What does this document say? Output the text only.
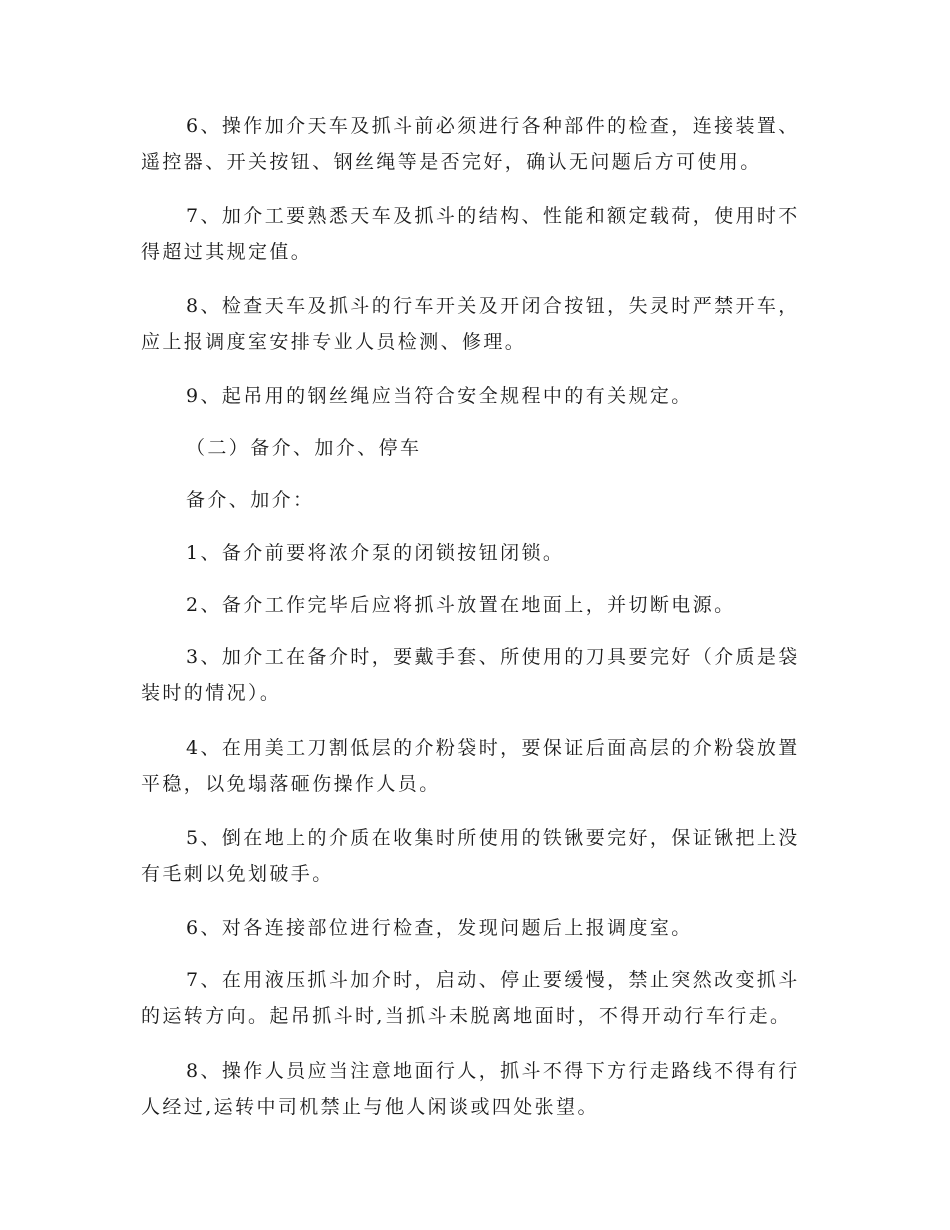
6、操作加介天车及抓斗前必须进行各种部件的检查，连接装置、遥控器、开关按钮、钢丝绳等是否完好，确认无问题后方可使用。

7、加介工要熟悉天车及抓斗的结构、性能和额定载荷，使用时不得超过其规定值。

8、检查天车及抓斗的行车开关及开闭合按钮，失灵时严禁开车，应上报调度室安排专业人员检测、修理。

9、起吊用的钢丝绳应当符合安全规程中的有关规定。

（二）备介、加介、停车

备介、加介：

1、备介前要将浓介泵的闭锁按钮闭锁。

2、备介工作完毕后应将抓斗放置在地面上，并切断电源。

3、加介工在备介时，要戴手套、所使用的刀具要完好（介质是袋装时的情况）。

4、在用美工刀割低层的介粉袋时，要保证后面高层的介粉袋放置平稳，以免塌落砸伤操作人员。

5、倒在地上的介质在收集时所使用的铁锹要完好，保证锹把上没有毛刺以免划破手。

6、对各连接部位进行检查，发现问题后上报调度室。

7、在用液压抓斗加介时，启动、停止要缓慢，禁止突然改变抓斗的运转方向。起吊抓斗时,当抓斗未脱离地面时，不得开动行车行走。

8、操作人员应当注意地面行人，抓斗不得下方行走路线不得有行人经过,运转中司机禁止与他人闲谈或四处张望。
